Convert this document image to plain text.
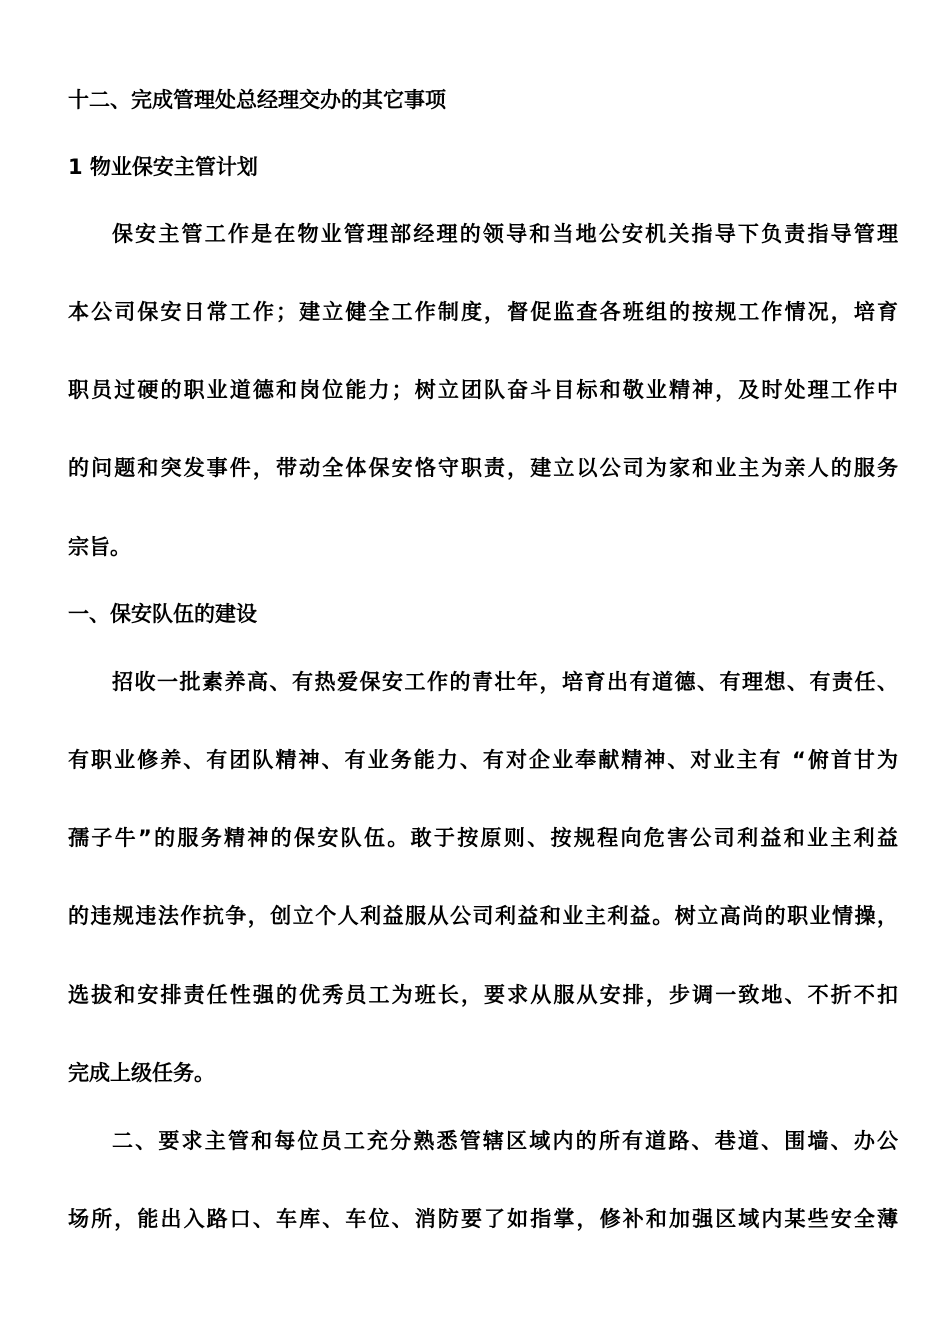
十二、完成管理处总经理交办的其它事项
1 物业保安主管计划
保安主管工作是在物业管理部经理的领导和当地公安机关指导下负责指导管理
本公司保安日常工作；建立健全工作制度，督促监查各班组的按规工作情况，培育
职员过硬的职业道德和岗位能力；树立团队奋斗目标和敬业精神，及时处理工作中
的问题和突发事件，带动全体保安恪守职责，建立以公司为家和业主为亲人的服务
宗旨。
一、保安队伍的建设
招收一批素养高、有热爱保安工作的青壮年，培育出有道德、有理想、有责任、
有职业修养、有团队精神、有业务能力、有对企业奉献精神、对业主有 “俯首甘为
孺子牛”的服务精神的保安队伍。敢于按原则、按规程向危害公司利益和业主利益
的违规违法作抗争，创立个人利益服从公司利益和业主利益。树立高尚的职业情操，
选拔和安排责任性强的优秀员工为班长，要求从服从安排，步调一致地、不折不扣
完成上级任务。
二、要求主管和每位员工充分熟悉管辖区域内的所有道路、巷道、围墙、办公
场所，能出入路口、车库、车位、消防要了如指掌，修补和加强区域内某些安全薄
